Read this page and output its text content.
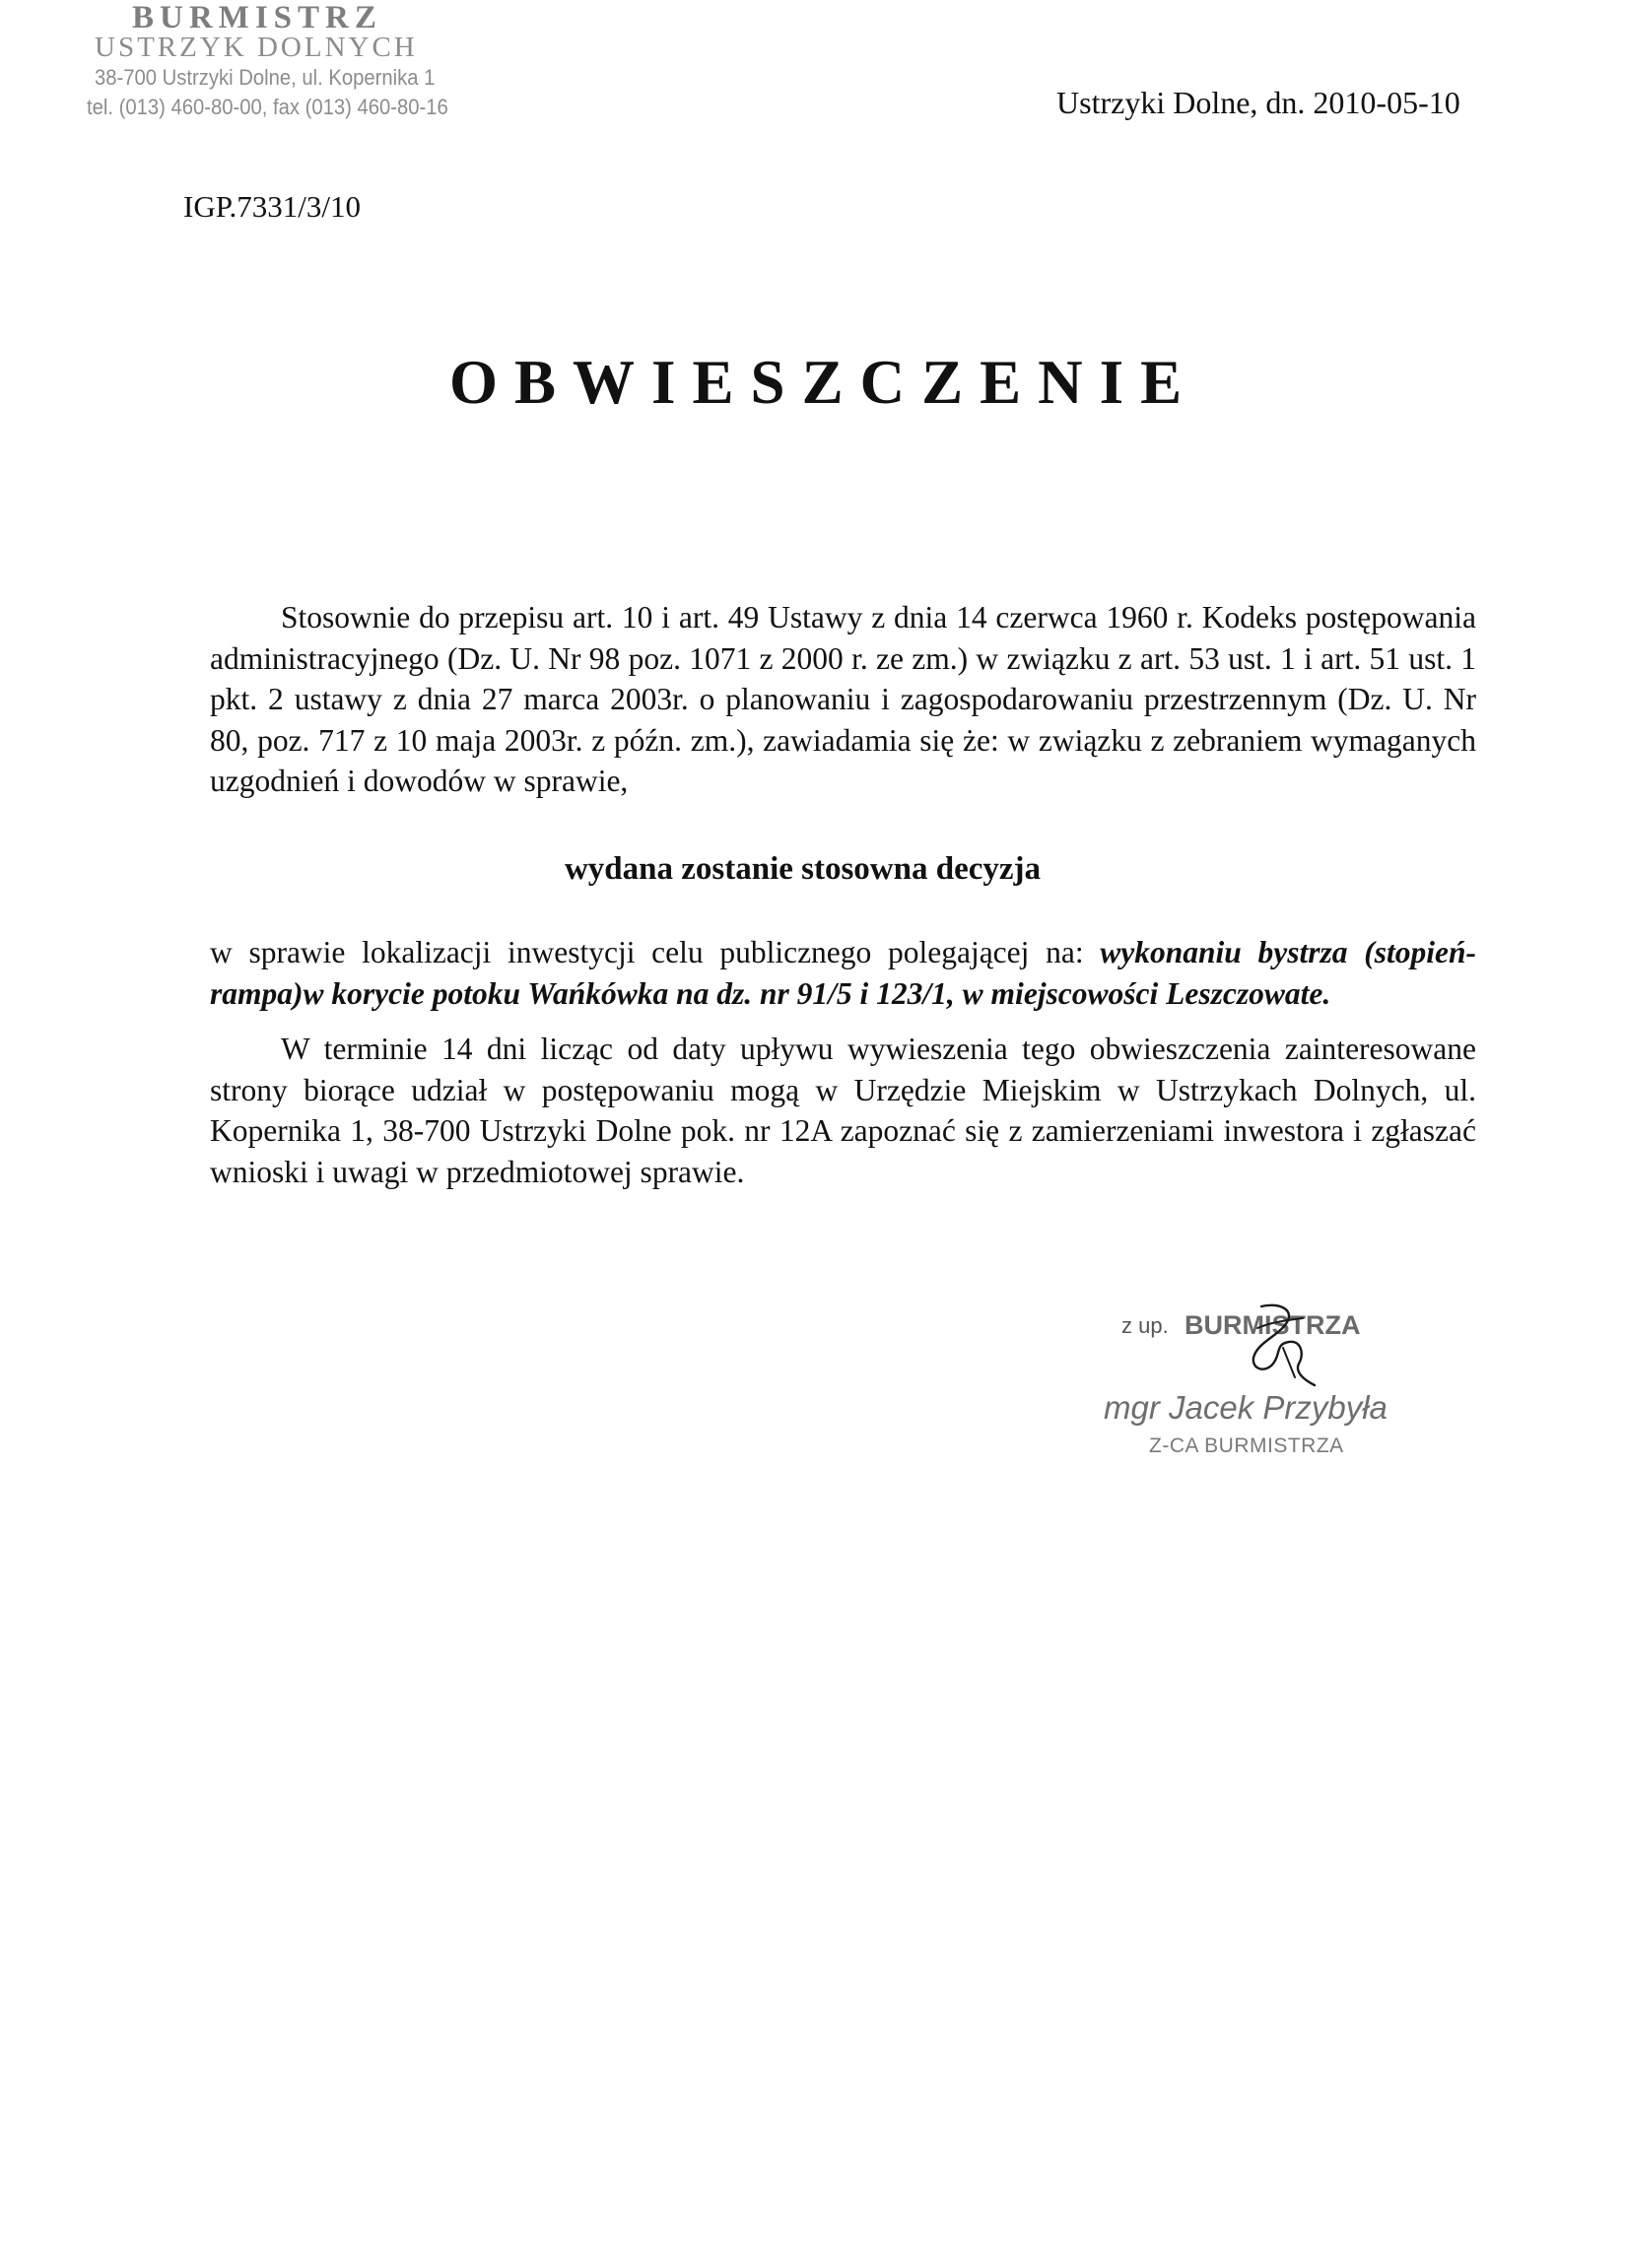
BURMISTRZ
USTRZYK DOLNYCH
38-700 Ustrzyki Dolne, ul. Kopernika 1
tel. (013) 460-80-00, fax (013) 460-80-16	Ustrzyki Dolne, dn. 2010-05-10
IGP.7331/3/10
OBWIESZCZENIE
Stosownie do przepisu art. 10 i art. 49 Ustawy z dnia 14 czerwca 1960 r. Kodeks postępowania administracyjnego (Dz. U. Nr 98 poz. 1071 z 2000 r. ze zm.) w związku z art. 53 ust. 1 i art. 51 ust. 1 pkt. 2 ustawy z dnia 27 marca 2003r. o planowaniu i zagospodarowaniu przestrzennym (Dz. U. Nr 80, poz. 717 z 10 maja 2003r. z późn. zm.), zawiadamia się że: w związku z zebraniem wymaganych uzgodnień i dowodów w sprawie,
wydana zostanie stosowna decyzja
w sprawie lokalizacji inwestycji celu publicznego polegającej na: wykonaniu bystrza (stopień-rampa)w korycie potoku Wańkówka na dz. nr 91/5 i 123/1, w miejscowości Leszczowate.
W terminie 14 dni licząc od daty upływu wywieszenia tego obwieszczenia zainteresowane strony biorące udział w postępowaniu mogą w Urzędzie Miejskim w Ustrzykach Dolnych, ul. Kopernika 1, 38-700 Ustrzyki Dolne pok. nr 12A zapoznać się z zamierzeniami inwestora i zgłaszać wnioski i uwagi w przedmiotowej sprawie.
z up. BURMISTRZA
mgr Jacek Przybyła
Z-CA BURMISTRZA
